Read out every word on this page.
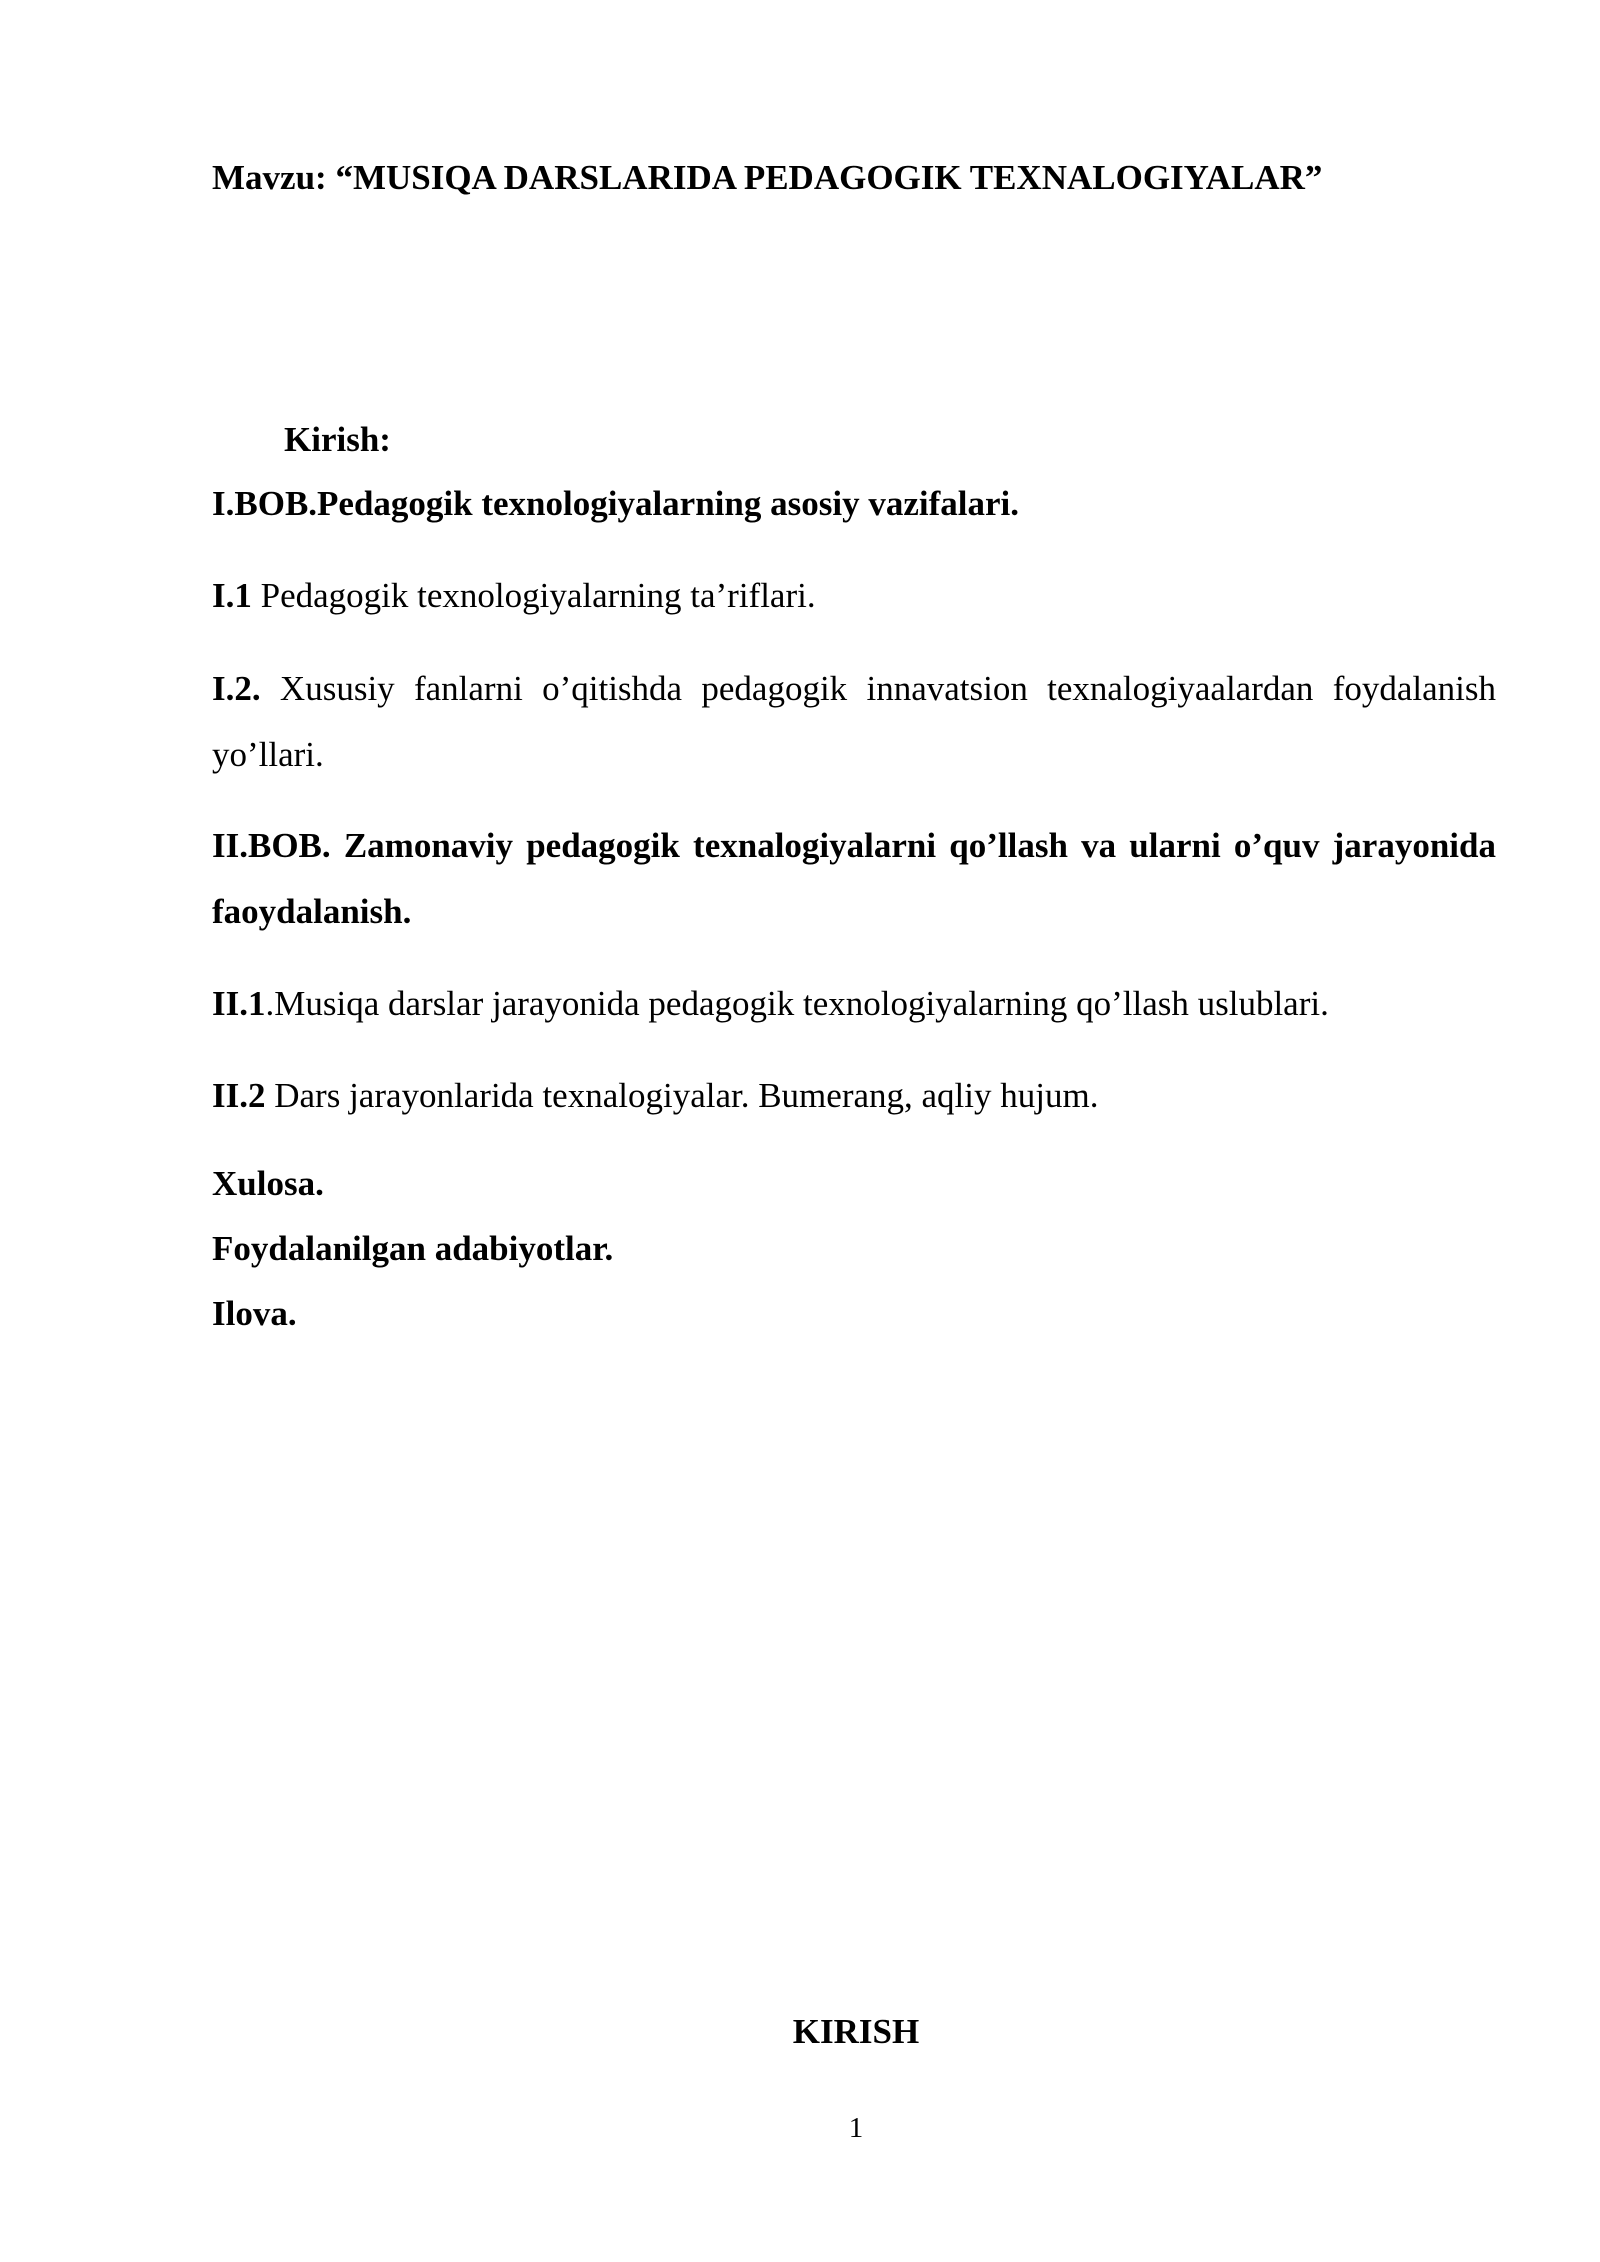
Mavzu: “MUSIQA DARSLARIDA PEDAGOGIK TEXNALOGIYALAR”
Kirish:
I.BOB.Pedagogik texnologiyalarning asosiy vazifalari.
I.1 Pedagogik texnologiyalarning ta’riflari.
I.2. Xususiy fanlarni o’qitishda pedagogik innavatsion texnalogiyaalardan foydalanish yo’llari.
II.BOB. Zamonaviy pedagogik texnalogiyalarni qo’llash va ularni o’quv jarayonida faoydalanish.
II.1.Musiqa darslar jarayonida pedagogik texnologiyalarning qo’llash uslublari.
II.2 Dars jarayonlarida texnalogiyalar. Bumerang, aqliy hujum.
Xulosa.
Foydalanilgan adabiyotlar.
Ilova.
KIRISH
1
